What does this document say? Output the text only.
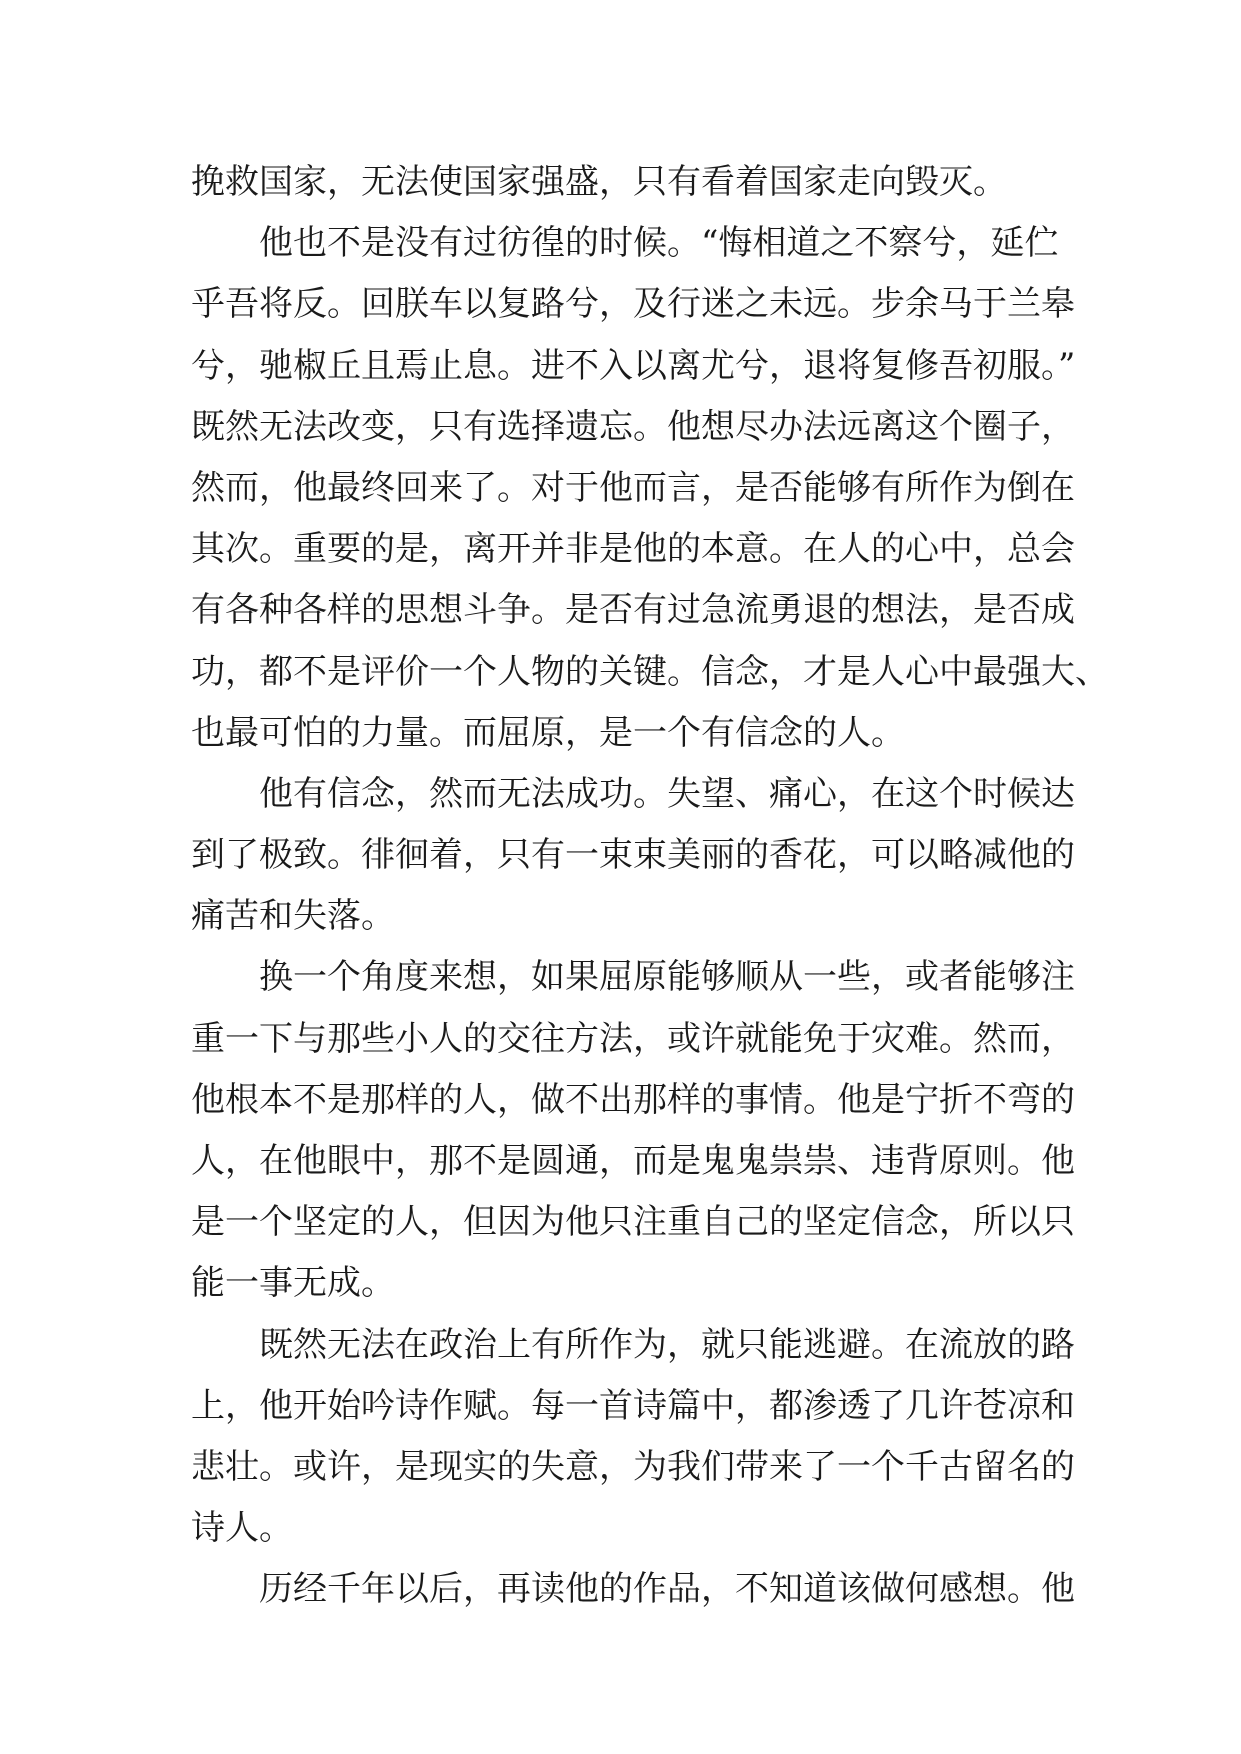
挽救国家，无法使国家强盛，只有看着国家走向毁灭。
他也不是没有过彷徨的时候。“悔相道之不察兮，延伫
乎吾将反。回朕车以复路兮，及行迷之未远。步余马于兰皋
兮，驰椒丘且焉止息。进不入以离尤兮，退将复修吾初服。”
既然无法改变，只有选择遗忘。他想尽办法远离这个圈子，
然而，他最终回来了。对于他而言，是否能够有所作为倒在
其次。重要的是，离开并非是他的本意。在人的心中，总会
有各种各样的思想斗争。是否有过急流勇退的想法，是否成
功，都不是评价一个人物的关键。信念，才是人心中最强大、
也最可怕的力量。而屈原，是一个有信念的人。
他有信念，然而无法成功。失望、痛心，在这个时候达
到了极致。徘徊着，只有一束束美丽的香花，可以略减他的
痛苦和失落。
换一个角度来想，如果屈原能够顺从一些，或者能够注
重一下与那些小人的交往方法，或许就能免于灾难。然而，
他根本不是那样的人，做不出那样的事情。他是宁折不弯的
人，在他眼中，那不是圆通，而是鬼鬼祟祟、违背原则。他
是一个坚定的人，但因为他只注重自己的坚定信念，所以只
能一事无成。
既然无法在政治上有所作为，就只能逃避。在流放的路
上，他开始吟诗作赋。每一首诗篇中，都渗透了几许苍凉和
悲壮。或许，是现实的失意，为我们带来了一个千古留名的
诗人。
历经千年以后，再读他的作品，不知道该做何感想。他
